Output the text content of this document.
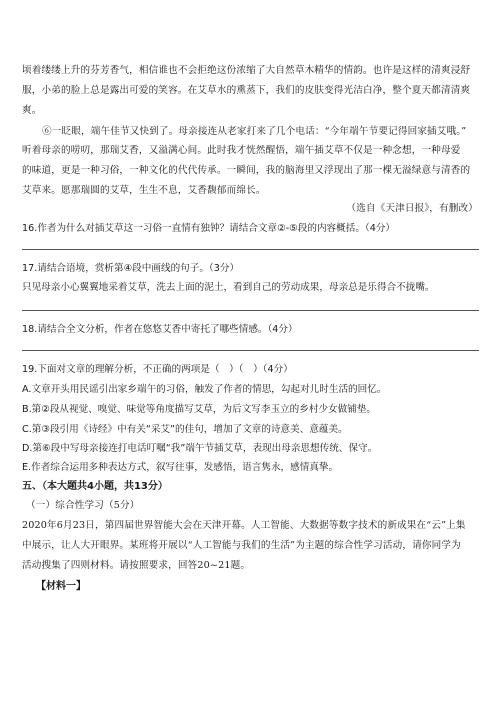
顷着缕缕上升的芬芳香气，相信谁也不会拒绝这份浓缩了大自然草木精华的情韵。也许是这样的清爽浸舒
服，小弟的脸上总是露出可爱的笑容。在艾草水的熏蒸下，我们的皮肤变得光洁白净，整个夏天都清清爽
爽。
⑥一眨眼，端午佳节又快到了。母亲接连从老家打来了几个电话：“今年端午节要记得回家插艾哦。”
听着母亲的唠叨，那瑞艾香，又溢满心间。此时我才恍然醒悟，端午插艾草不仅是一种念想，一种母爱
的味道，更是一种习俗，一种文化的代代传承。一瞬间，我的脑海里又浮现出了那一棵无溢绿意与清香的
艾草来。愿那瑞圆的艾草，生生不息，艾香馥郁而绵长。
（选自《天津日报》，有删改）
16.作者为什么对插艾草这一习俗一直情有独钟？请结合文章②-⑤段的内容概括。（4分）
17.请结合语境，赏析第④段中画线的句子。（3分）
只见母亲小心翼翼地采着艾草，洗去上面的泥土，看到自己的劳动成果，母亲总是乐得合不拢嘴。
18.请结合全文分析，作者在悠悠艾香中寄托了哪些情感。（4分）
19.下面对文章的理解分析，不正确的两项是（　）（　）（4分）
A.文章开头用民谣引出家乡端午的习俗，触发了作者的情思，勾起对儿时生活的回忆。
B.第②段从视觉、嗅觉、味觉等角度描写艾草，为后文写李玉立的乡村少女做铺垫。
C.第③段引用《诗经》中有关“采艾”的佳句，增加了文章的诗意美、意蕴美。
D.第⑥段中写母亲接连打电话叮嘱“我”端午节插艾草，表现出母亲思想传统、保守。
E.作者综合运用多种表达方式，叙写往事，发感悟，语言隽永，感情真挚。
五、（本大题共4小题，共13分）
（一）综合性学习（5分）
2020年6月23日，第四届世界智能大会在天津开幕。人工智能、大数据等数字技术的新成果在“云”上集
中展示，让人大开眼界。某班将开展以“人工智能与我们的生活”为主题的综合性学习活动，请你同学为
活动搜集了四则材料。请按照要求，回答20~21题。
【材料一】
